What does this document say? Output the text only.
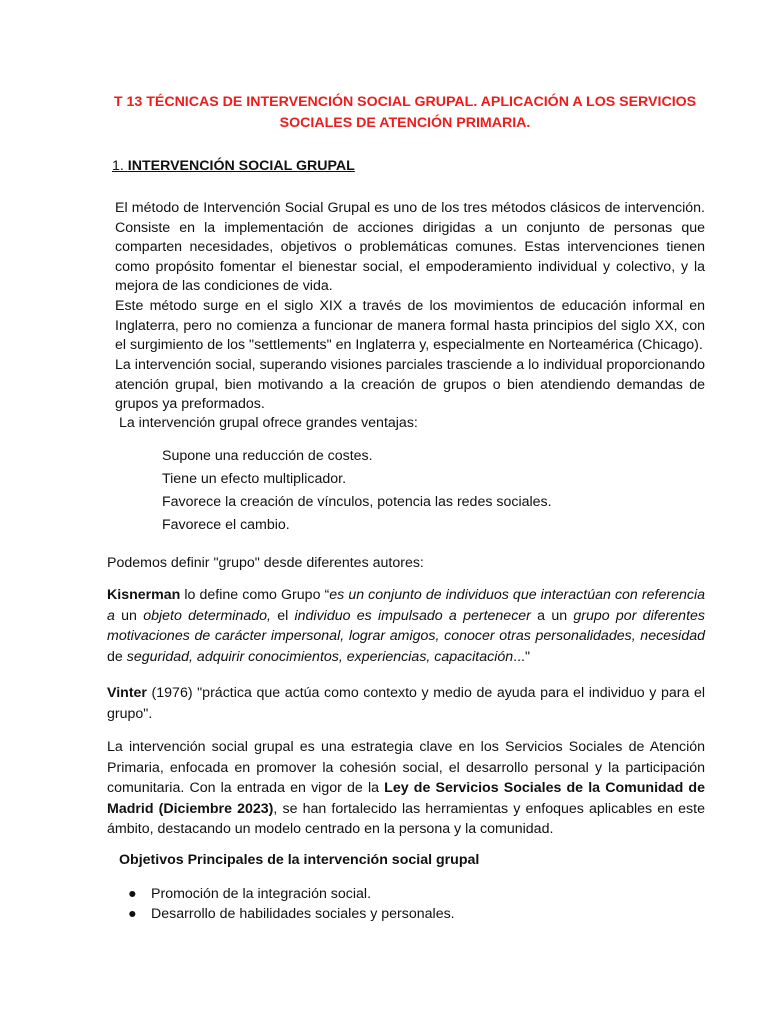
T 13 TÉCNICAS DE INTERVENCIÓN SOCIAL GRUPAL. APLICACIÓN A LOS SERVICIOS
SOCIALES DE ATENCIÓN PRIMARIA.
1. INTERVENCIÓN SOCIAL GRUPAL
El método de Intervención Social Grupal es uno de los tres métodos clásicos de intervención. Consiste en la implementación de acciones dirigidas a un conjunto de personas que comparten necesidades, objetivos o problemáticas comunes. Estas intervenciones tienen como propósito fomentar el bienestar social, el empoderamiento individual y colectivo, y la mejora de las condiciones de vida.
Este método surge en el siglo XIX a través de los movimientos de educación informal en Inglaterra, pero no comienza a funcionar de manera formal hasta principios del siglo XX, con el surgimiento de los "settlements" en Inglaterra y, especialmente en Norteamérica (Chicago).
La intervención social, superando visiones parciales trasciende a lo individual proporcionando atención grupal, bien motivando a la creación de grupos o bien atendiendo demandas de grupos ya preformados.
La intervención grupal ofrece grandes ventajas:
Supone una reducción de costes.
Tiene un efecto multiplicador.
Favorece la creación de vínculos, potencia las redes sociales.
Favorece el cambio.
Podemos definir "grupo" desde diferentes autores:
Kisnerman lo define como Grupo “es un conjunto de individuos que interactúan con referencia a un objeto determinado, el individuo es impulsado a pertenecer a un grupo por diferentes motivaciones de carácter impersonal, lograr amigos, conocer otras personalidades, necesidad de seguridad, adquirir conocimientos, experiencias, capacitación..."
Vinter (1976) "práctica que actúa como contexto y medio de ayuda para el individuo y para el grupo".
La intervención social grupal es una estrategia clave en los Servicios Sociales de Atención Primaria, enfocada en promover la cohesión social, el desarrollo personal y la participación comunitaria. Con la entrada en vigor de la Ley de Servicios Sociales de la Comunidad de Madrid (Diciembre 2023), se han fortalecido las herramientas y enfoques aplicables en este ámbito, destacando un modelo centrado en la persona y la comunidad.
Objetivos Principales de la intervención social grupal
● Promoción de la integración social.
● Desarrollo de habilidades sociales y personales.
